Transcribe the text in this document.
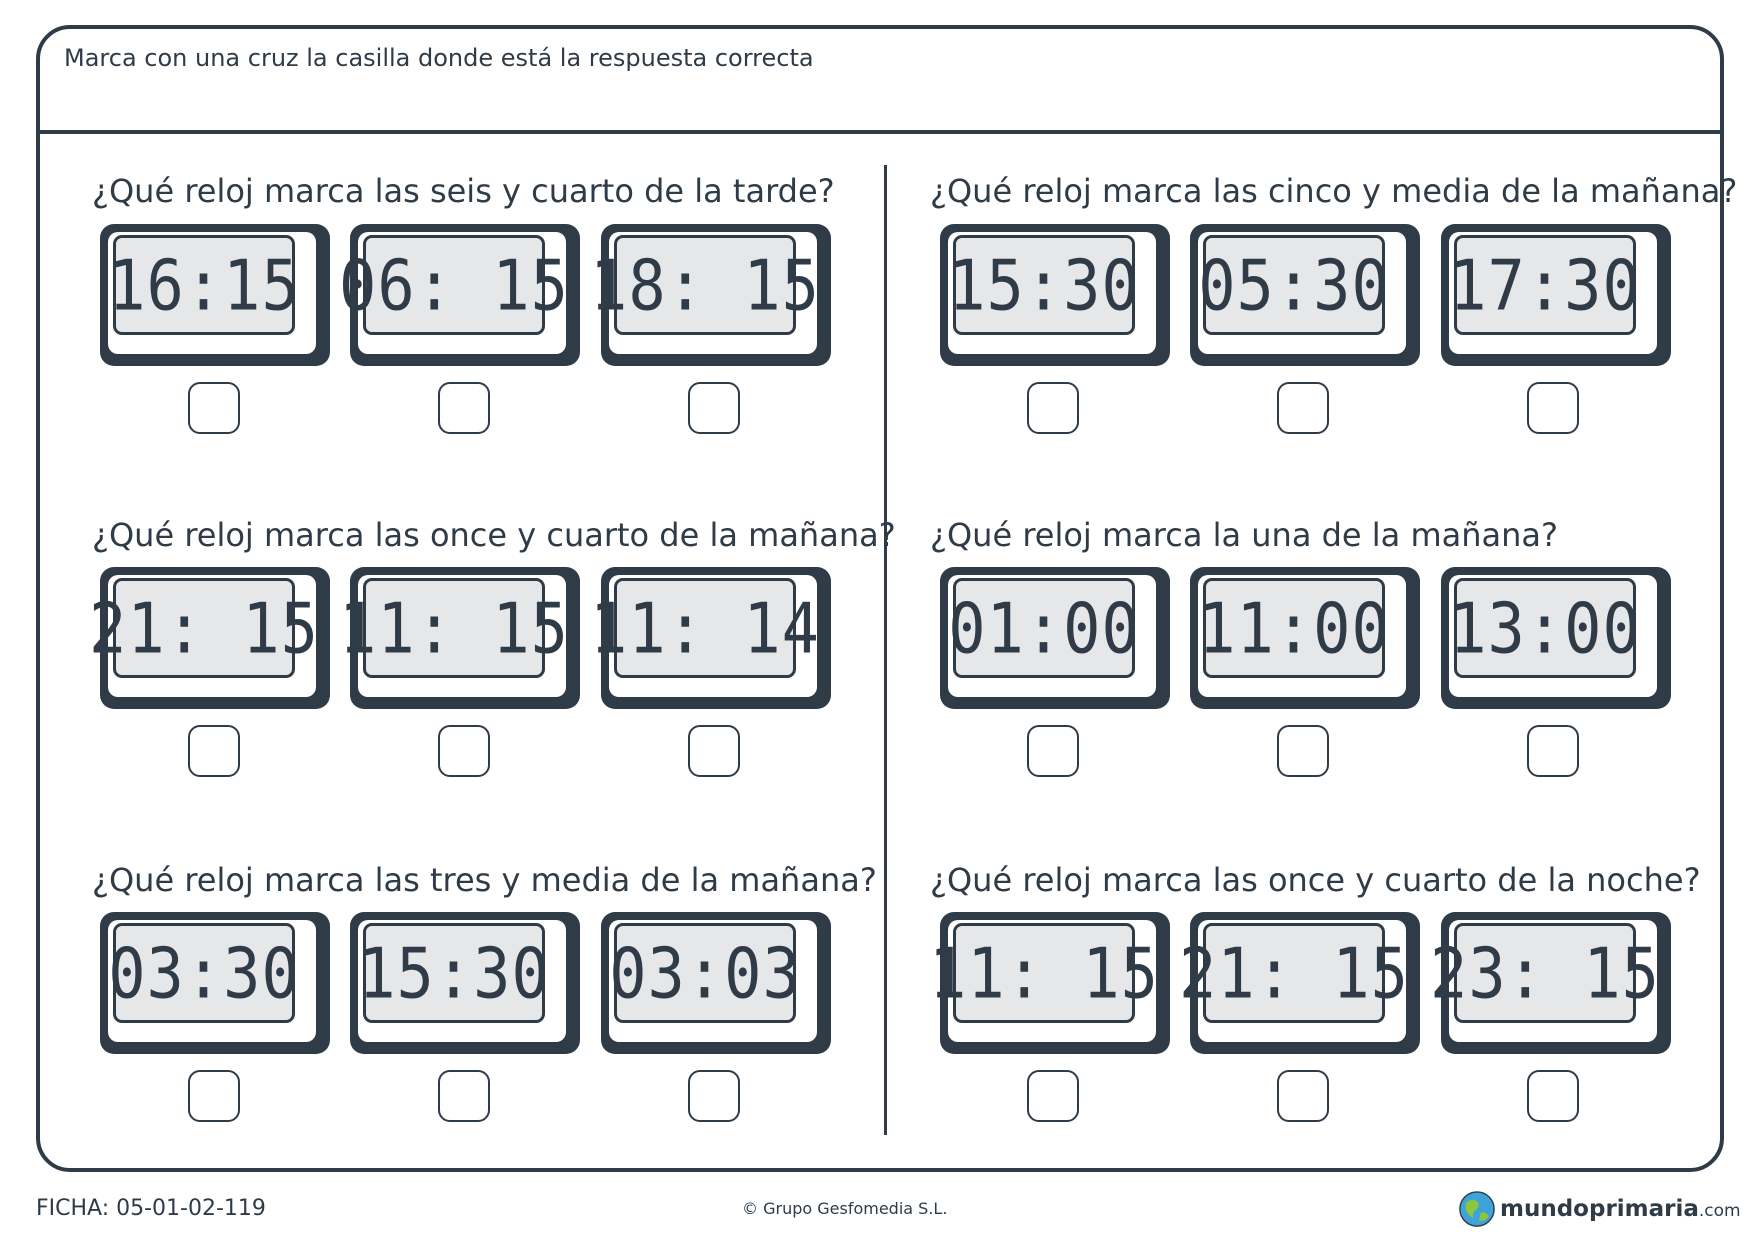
Marca con una cruz la casilla donde está la respuesta correcta
¿Qué reloj marca las seis y cuarto de la tarde?
16:15 06: 15 18: 15
¿Qué reloj marca las cinco y media de la mañana?
15:30 05:30 17:30
¿Qué reloj marca las once y cuarto de la mañana?
21: 15 11: 15 11: 14
¿Qué reloj marca la una de la mañana?
01:00 11:00 13:00
¿Qué reloj marca las tres y media de la mañana?
03:30 15:30 03:03
¿Qué reloj marca las once y cuarto de la noche?
11: 15 21: 15 23: 15
FICHA: 05-01-02-119	© Grupo Gesfomedia S.L.	mundoprimaria.com
